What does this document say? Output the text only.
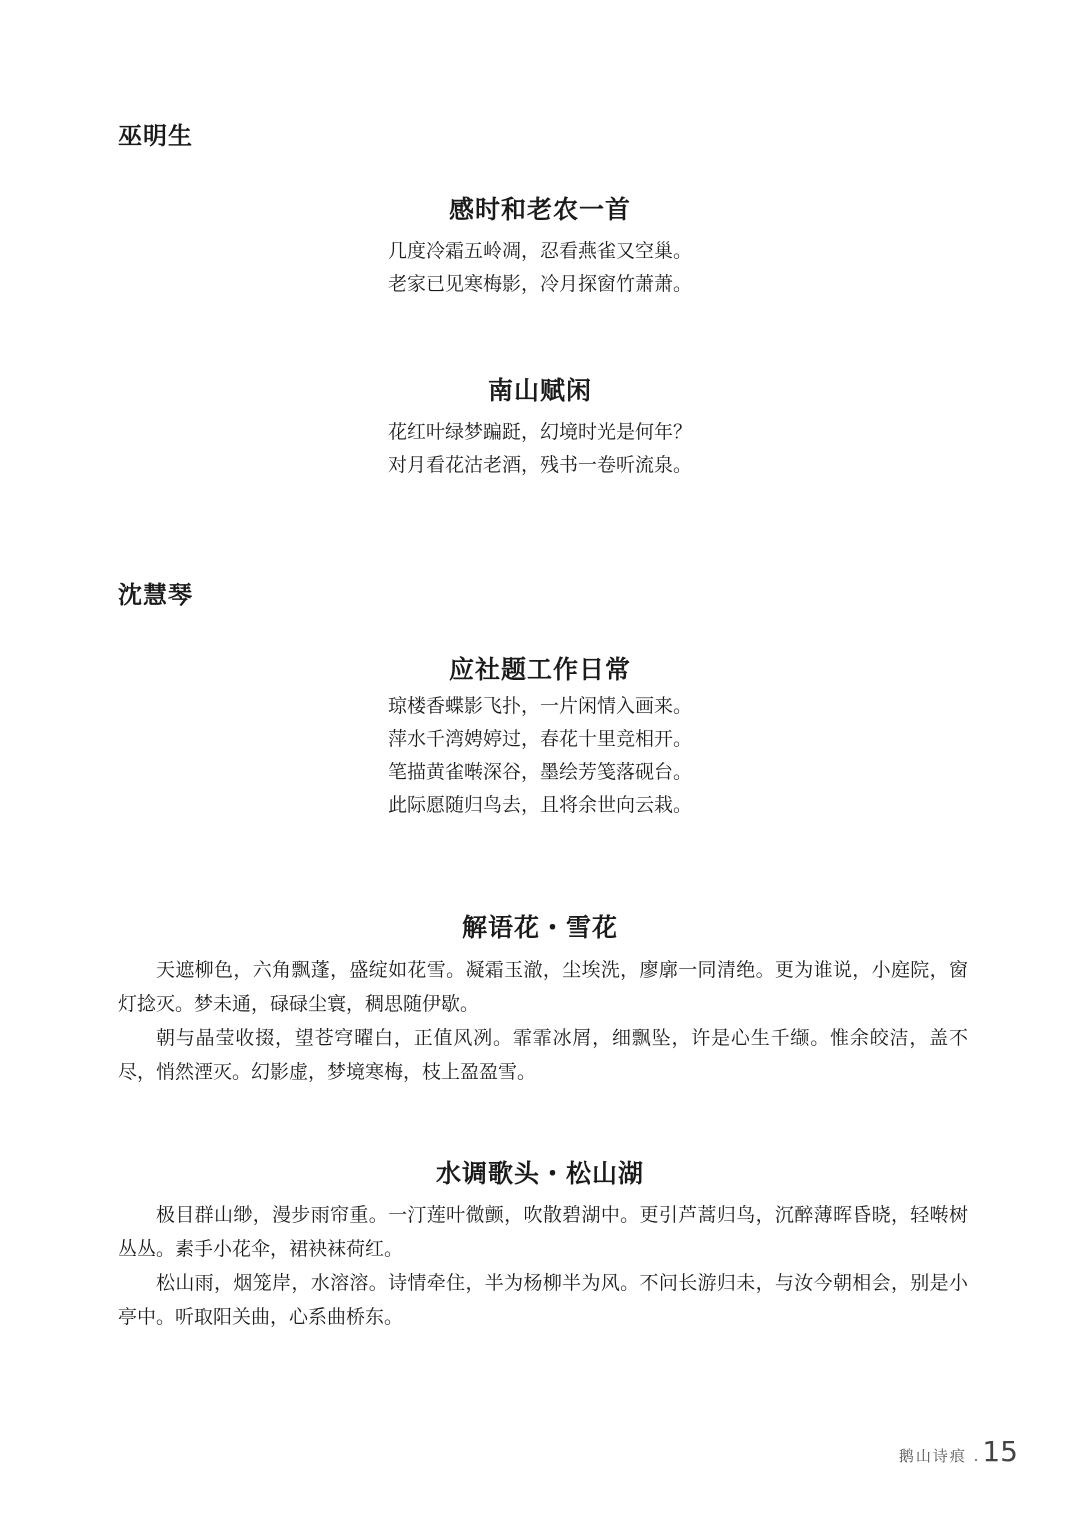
巫明生
感时和老农一首
几度冷霜五岭凋，忍看燕雀又空巢。
老家已见寒梅影，冷月探窗竹萧萧。
南山赋闲
花红叶绿梦蹁跹，幻境时光是何年？
对月看花沽老酒，残书一卷听流泉。
沈慧琴
应社题工作日常
琼楼香蝶影飞扑，一片闲情入画来。
萍水千湾娉婷过，春花十里竞相开。
笔描黄雀啭深谷，墨绘芳笺落砚台。
此际愿随归鸟去，且将余世向云栽。
解语花・雪花

天遮柳色，六角飘蓬，盛绽如花雪。凝霜玉澈，尘埃洗，廖廓一同清绝。更为谁说，小庭院，窗灯捻灭。梦未通，碌碌尘寰，稠思随伊歇。

朝与晶莹收掇，望苍穹曜白，正值风冽。霏霏冰屑，细飘坠，许是心生千缬。惟余皎洁，盖不尽，悄然湮灭。幻影虚，梦境寒梅，枝上盈盈雪。

水调歌头・松山湖

极目群山缈，漫步雨帘重。一汀莲叶微颤，吹散碧湖中。更引芦蒿归鸟，沉醉薄晖昏晓，轻啭树丛丛。素手小花伞，裙袂袜荷红。

松山雨，烟笼岸，水溶溶。诗情牵住，半为杨柳半为风。不问长游归未，与汝今朝相会，别是小亭中。听取阳关曲，心系曲桥东。

鹅山诗痕 . 15
